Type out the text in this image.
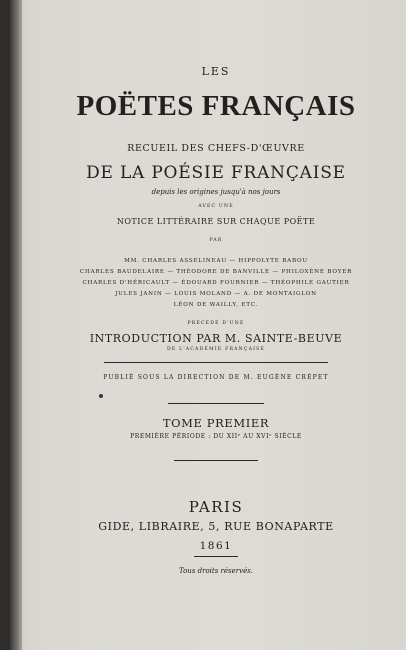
LES
POËTES FRANÇAIS
RECUEIL DES CHEFS-D'ŒUVRE
DE LA POÉSIE FRANÇAISE
depuis les origines jusqu'à nos jours
AVEC UNE
NOTICE LITTÉRAIRE SUR CHAQUE POËTE
PAR
MM. CHARLES ASSELINEAU — HIPPOLYTE BABOU
CHARLES BAUDELAIRE — THÉODORE DE BANVILLE — PHILOXÈNE BOYER
CHARLES D'HÉRICAULT — ÉDOUARD FOURNIER — THÉOPHILE GAUTIER
JULES JANIN — LOUIS MOLAND — A. DE MONTAIGLON
LÉON DE WAILLY, ETC.
PRÉCÉDÉ D'UNE
INTRODUCTION PAR M. SAINTE-BEUVE
DE L'ACADÉMIE FRANÇAISE
PUBLIÉ SOUS LA DIRECTION DE M. EUGÈNE CRÉPET
TOME PREMIER
PREMIÈRE PÉRIODE : DU XIIᵉ AU XVIᵉ SIÈCLE
PARIS
GIDE, LIBRAIRE, 5, RUE BONAPARTE
1861
Tous droits réservés.
